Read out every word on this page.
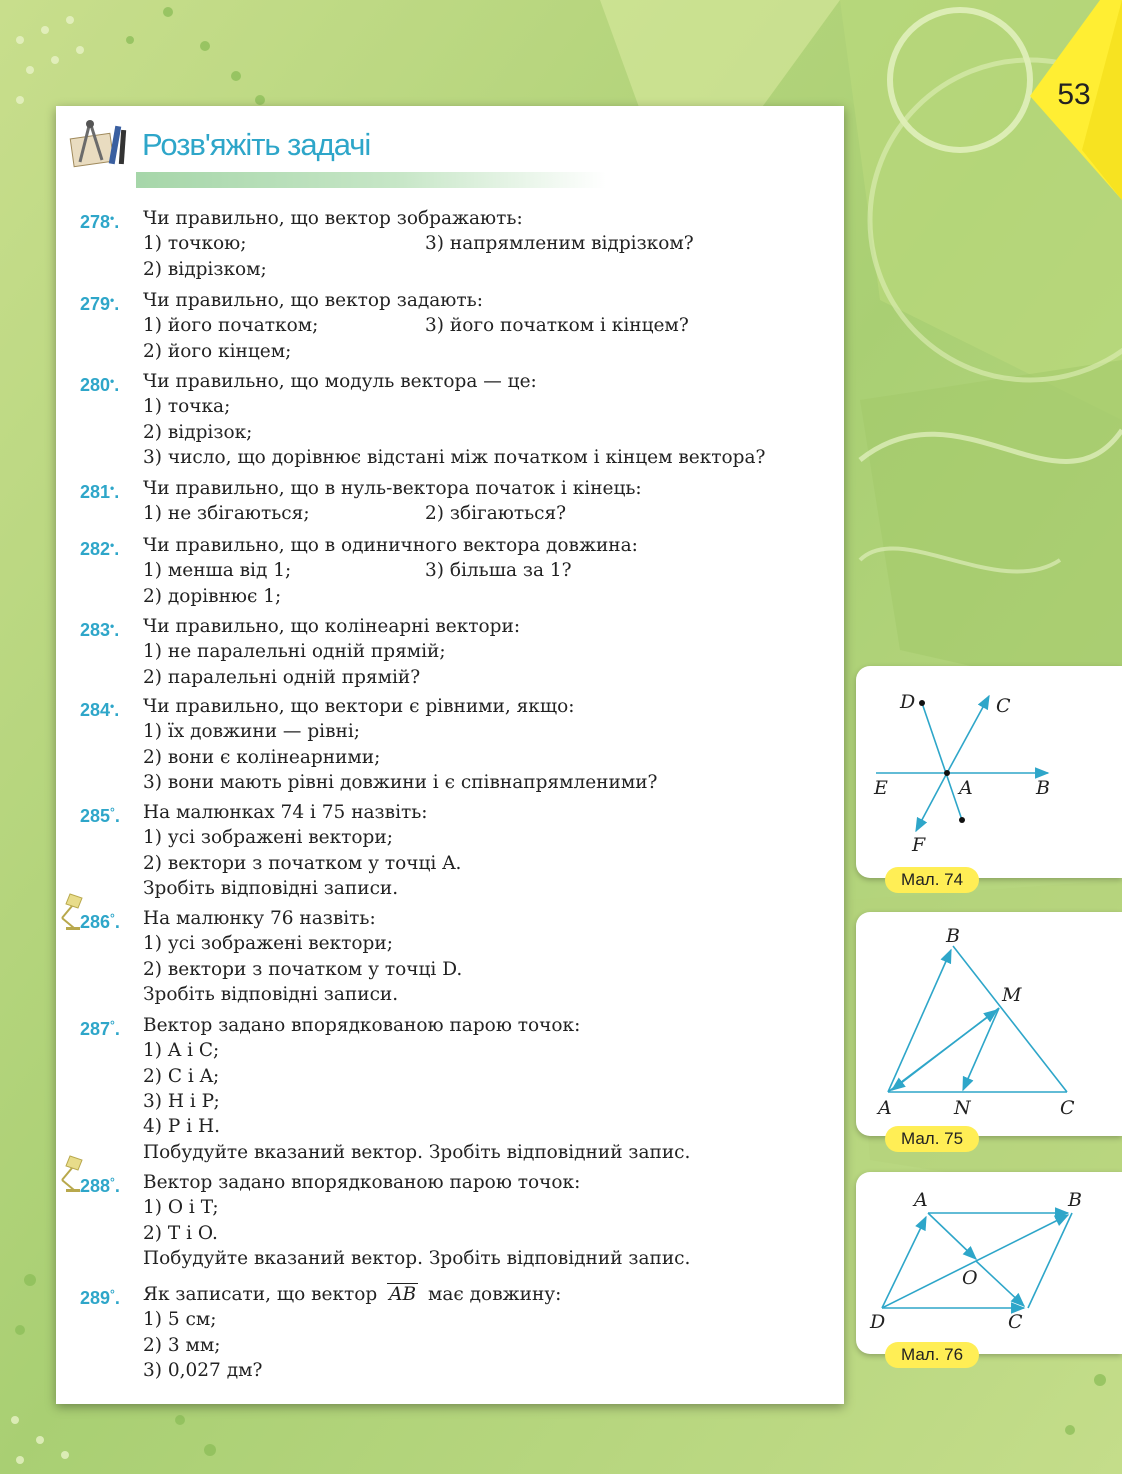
53
Розв'яжіть задачі
278•. Чи правильно, що вектор зображають:
1) точкою;
2) відрізком;
3) напрямленим відрізком?
279•. Чи правильно, що вектор задають:
1) його початком;
2) його кінцем;
3) його початком і кінцем?
280•. Чи правильно, що модуль вектора — це:
1) точка;
2) відрізок;
3) число, що дорівнює відстані між початком і кінцем вектора?
281•. Чи правильно, що в нуль-вектора початок і кінець:
1) не збігаються;	2) збігаються?
282•. Чи правильно, що в одиничного вектора довжина:
1) менша від 1;
2) дорівнює 1;
3) більша за 1?
283•. Чи правильно, що колінеарні вектори:
1) не паралельні одній прямій;
2) паралельні одній прямій?
284•. Чи правильно, що вектори є рівними, якщо:
1) їх довжини — рівні;
2) вони є колінеарними;
3) вони мають рівні довжини і є співнапрямленими?
285°. На малюнках 74 і 75 назвіть:
1) усі зображені вектори;
2) вектори з початком у точці A.
Зробіть відповідні записи.
286°. На малюнку 76 назвіть:
1) усі зображені вектори;
2) вектори з початком у точці D.
Зробіть відповідні записи.
287°. Вектор задано впорядкованою парою точок:
1) A і C;
2) C і A;
3) H і P;
4) P і H.
Побудуйте вказаний вектор. Зробіть відповідний запис.
288°. Вектор задано впорядкованою парою точок:
1) O і T;
2) T і O.
Побудуйте вказаний вектор. Зробіть відповідний запис.
289°. Як записати, що вектор AB має довжину:
1) 5 см;
2) 3 мм;
3) 0,027 дм?
D	C
E	A	B
F
Мал. 74
B
M
A	N	C
Мал. 75
A	B
O
D	C
Мал. 76
